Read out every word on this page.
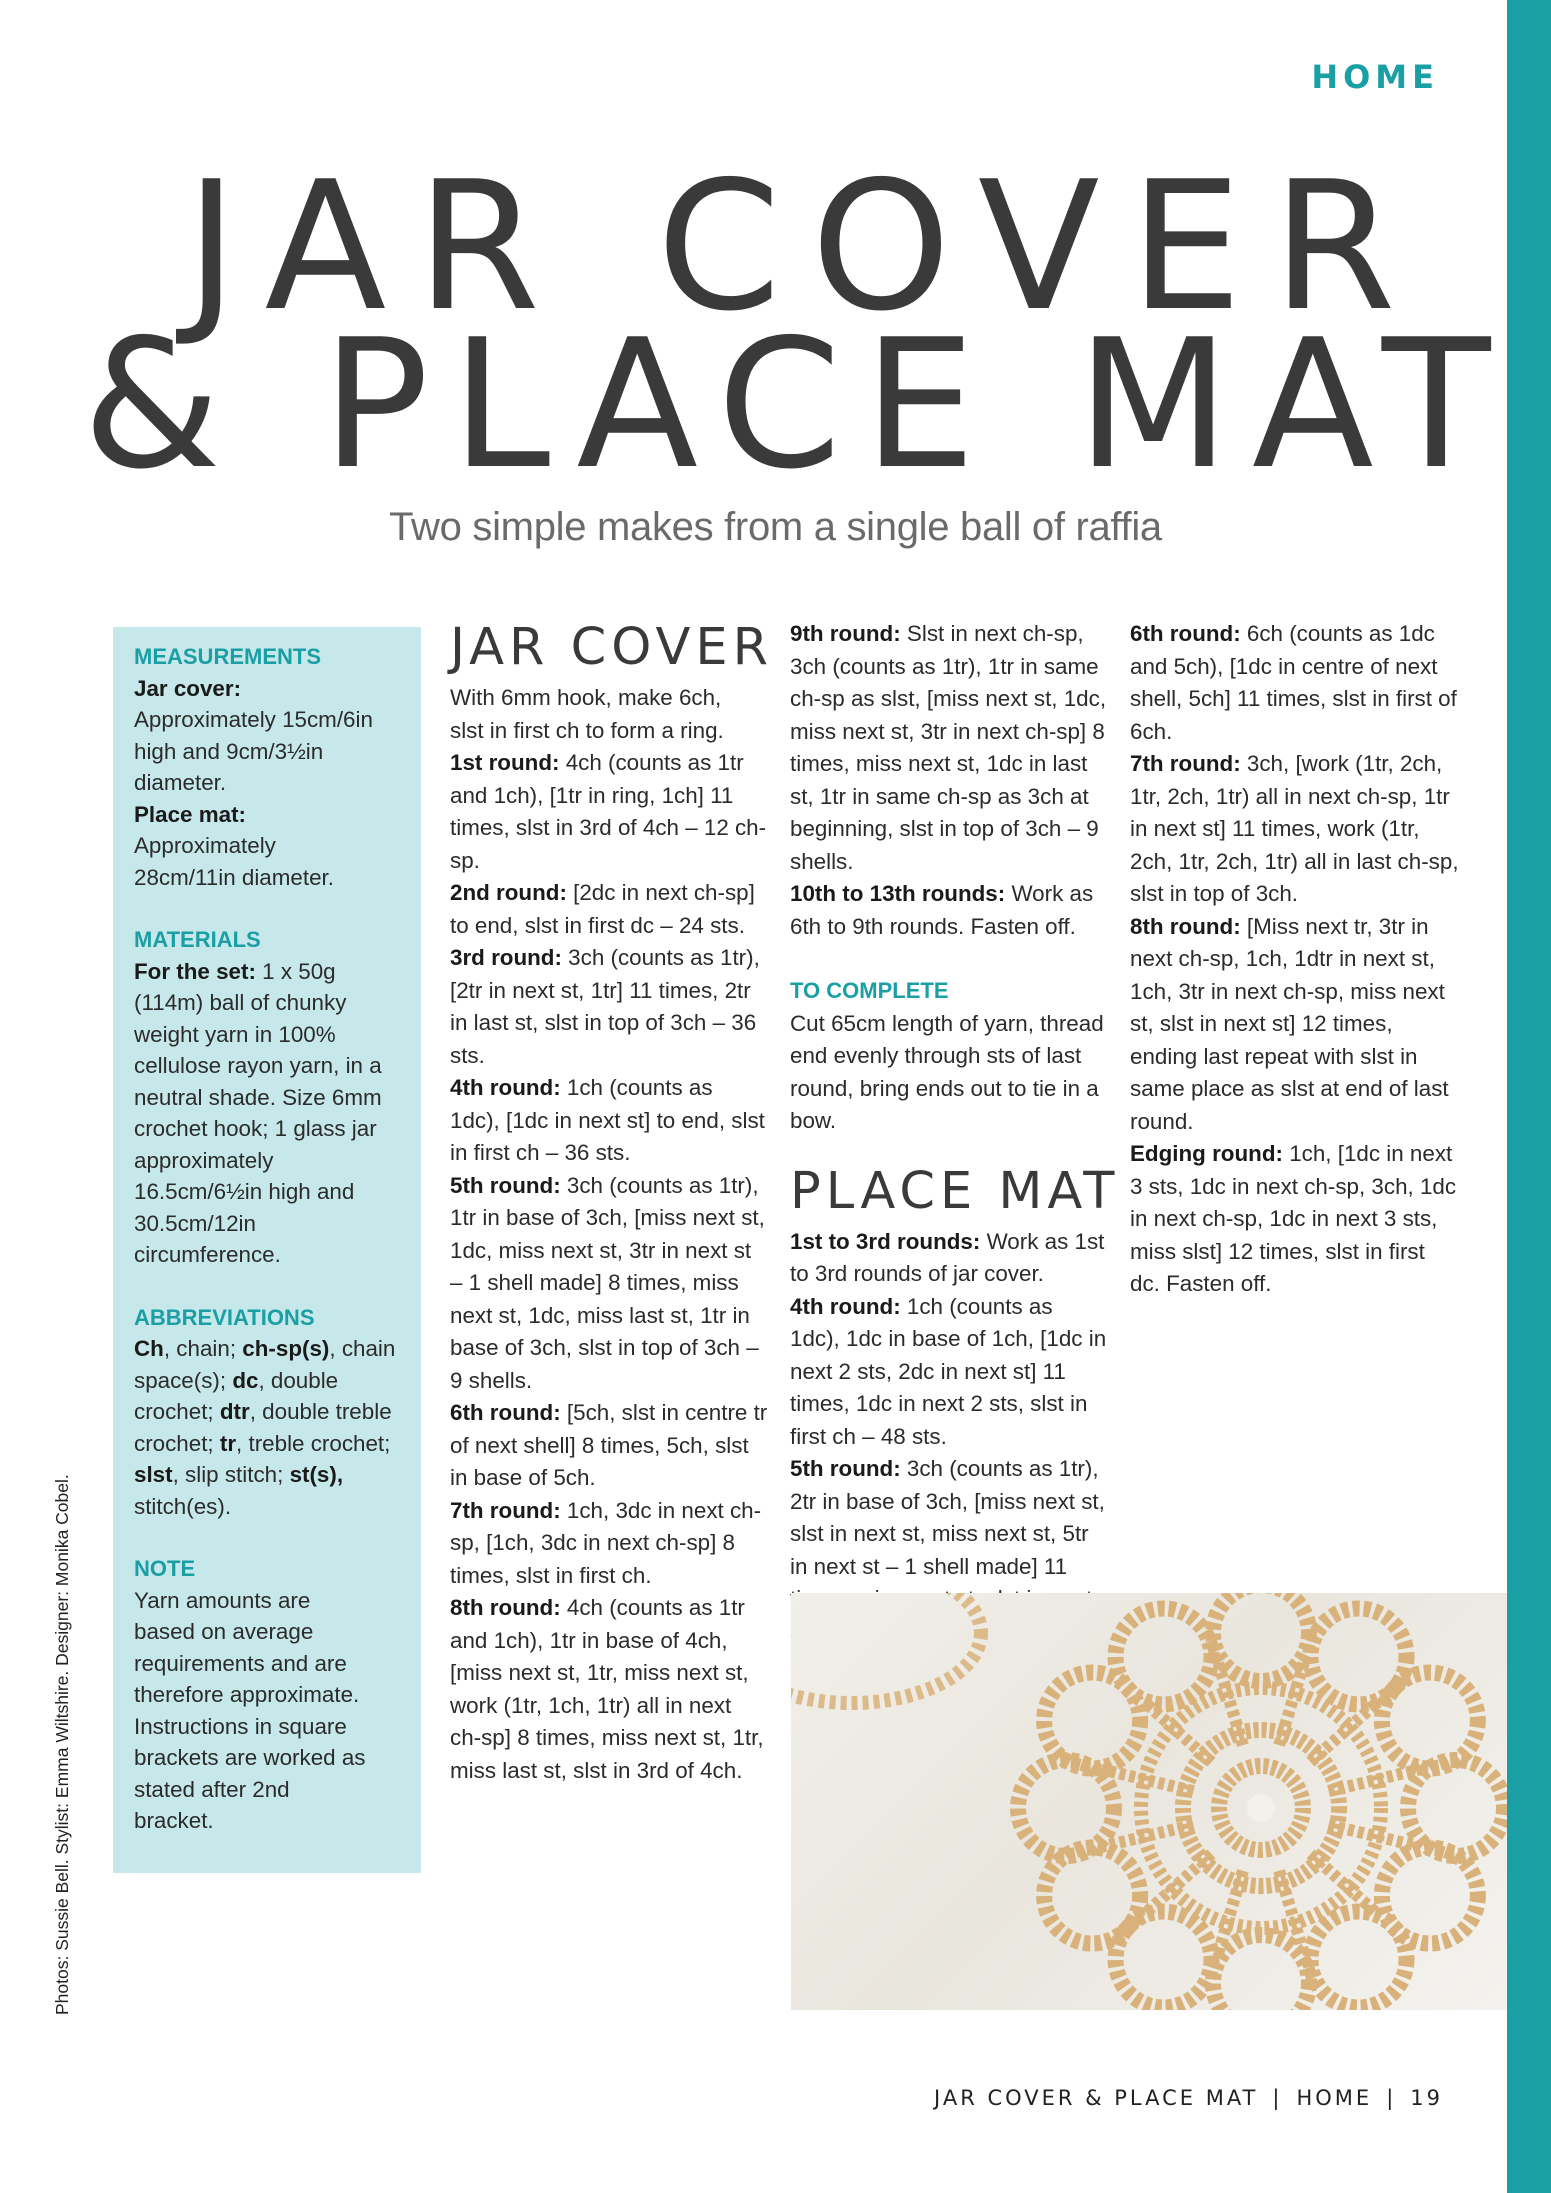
HOME
JAR COVER
& PLACE MAT
Two simple makes from a single ball of raffia

MEASUREMENTS

Jar cover:

Approximately 15cm/6in high and 9cm/3½in diameter.

Place mat:

Approximately 28cm/11in diameter.

MATERIALS

For the set: 1 x 50g (114m) ball of chunky weight yarn in 100% cellulose rayon yarn, in a neutral shade. Size 6mm crochet hook; 1 glass jar approximately 16.5cm/6½in high and 30.5cm/12in circumference.

ABBREVIATIONS

Ch, chain; ch-sp(s), chain space(s); dc, double crochet; dtr, double treble crochet; tr, treble crochet; slst, slip stitch; st(s), stitch(es).

NOTE

Yarn amounts are based on average requirements and are therefore approximate. Instructions in square brackets are worked as stated after 2nd bracket.

JAR COVER

With 6mm hook, make 6ch, slst in first ch to form a ring.

1st round: 4ch (counts as 1tr and 1ch), [1tr in ring, 1ch] 11 times, slst in 3rd of 4ch – 12 ch-sp.

2nd round: [2dc in next ch-sp] to end, slst in first dc – 24 sts.

3rd round: 3ch (counts as 1tr), [2tr in next st, 1tr] 11 times, 2tr in last st, slst in top of 3ch – 36 sts.

4th round: 1ch (counts as 1dc), [1dc in next st] to end, slst in first ch – 36 sts.

5th round: 3ch (counts as 1tr), 1tr in base of 3ch, [miss next st, 1dc, miss next st, 3tr in next st – 1 shell made] 8 times, miss next st, 1dc, miss last st, 1tr in base of 3ch, slst in top of 3ch – 9 shells.

6th round: [5ch, slst in centre tr of next shell] 8 times, 5ch, slst in base of 5ch.

7th round: 1ch, 3dc in next ch-sp, [1ch, 3dc in next ch-sp] 8 times, slst in first ch.

8th round: 4ch (counts as 1tr and 1ch), 1tr in base of 4ch, [miss next st, 1tr, miss next st, work (1tr, 1ch, 1tr) all in next ch-sp] 8 times, miss next st, 1tr, miss last st, slst in 3rd of 4ch.

9th round: Slst in next ch-sp, 3ch (counts as 1tr), 1tr in same ch-sp as slst, [miss next st, 1dc, miss next st, 3tr in next ch-sp] 8 times, miss next st, 1dc in last st, 1tr in same ch-sp as 3ch at beginning, slst in top of 3ch – 9 shells.

10th to 13th rounds: Work as 6th to 9th rounds. Fasten off.

TO COMPLETE

Cut 65cm length of yarn, thread end evenly through sts of last round, bring ends out to tie in a bow.

PLACE MAT

1st to 3rd rounds: Work as 1st to 3rd rounds of jar cover.

4th round: 1ch (counts as 1dc), 1dc in base of 1ch, [1dc in next 2 sts, 2dc in next st] 11 times, 1dc in next 2 sts, slst in first ch – 48 sts.

5th round: 3ch (counts as 1tr), 2tr in base of 3ch, [miss next st, slst in next st, miss next st, 5tr in next st – 1 shell made] 11

6th round: 6ch (counts as 1dc and 5ch), [1dc in centre of next shell, 5ch] 11 times, slst in first of 6ch.

7th round: 3ch, [work (1tr, 2ch, 1tr, 2ch, 1tr) all in next ch-sp, 1tr in next st] 11 times, work (1tr, 2ch, 1tr, 2ch, 1tr) all in last ch-sp, slst in top of 3ch.

8th round: [Miss next tr, 3tr in next ch-sp, 1ch, 1dtr in next st, 1ch, 3tr in next ch-sp, miss next st, slst in next st] 12 times, ending last repeat with slst in same place as slst at end of last round.

Edging round: 1ch, [1dc in next 3 sts, 1dc in next ch-sp, 3ch, 1dc in next ch-sp, 1dc in next 3 sts, miss slst] 12 times, slst in first dc. Fasten off.

Photos: Sussie Bell. Stylist: Emma Wiltshire. Designer: Monika Cobel.
JAR COVER & PLACE MAT | HOME | 19
